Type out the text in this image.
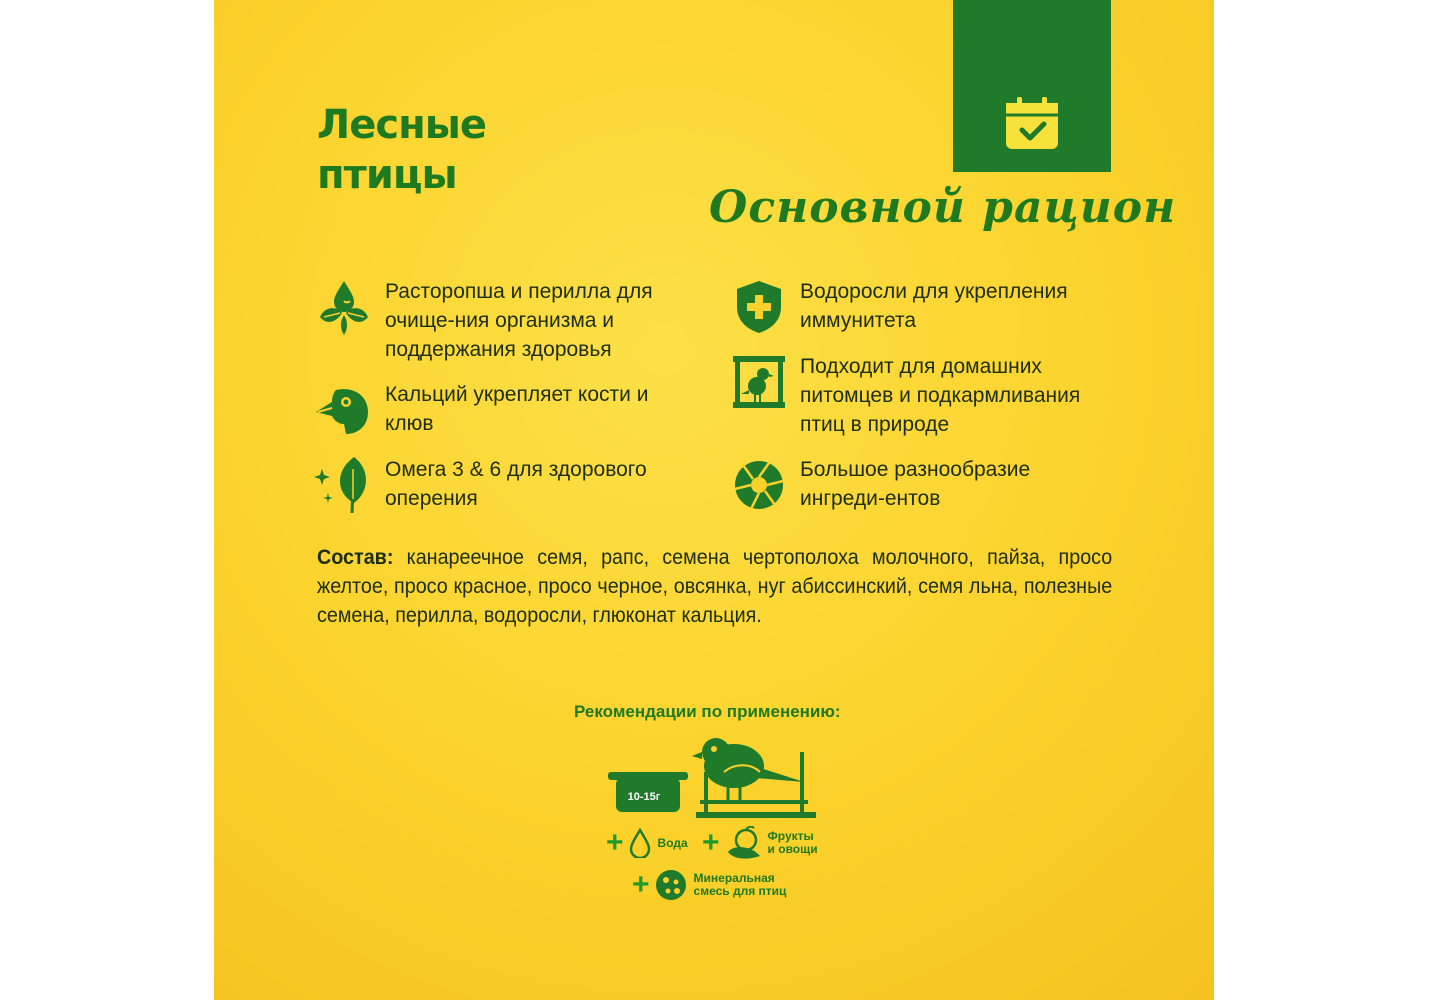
Лесные
птицы
Основной рацион
Расторопша и перилла для
очище-ния организма и
поддержания здоровья
Кальций укрепляет кости и
клюв
Омега 3 & 6 для здорового
оперения
Водоросли для укрепления
иммунитета
Подходит для домашних
питомцев и подкармливания
птиц в природе
Большое разнообразие
ингреди-ентов

Состав: канареечное семя, рапс, семена чертополоха молочного, пайза, просо желтое, просо красное, просо черное, овсянка, нуг абиссинский, семя льна, полезные семена, перилла, водоросли, глюконат кальция.

Рекомендации по применению:

10-15г
+	Вода +	Фрукты
и овощи
+	Минеральная
смесь для птиц
